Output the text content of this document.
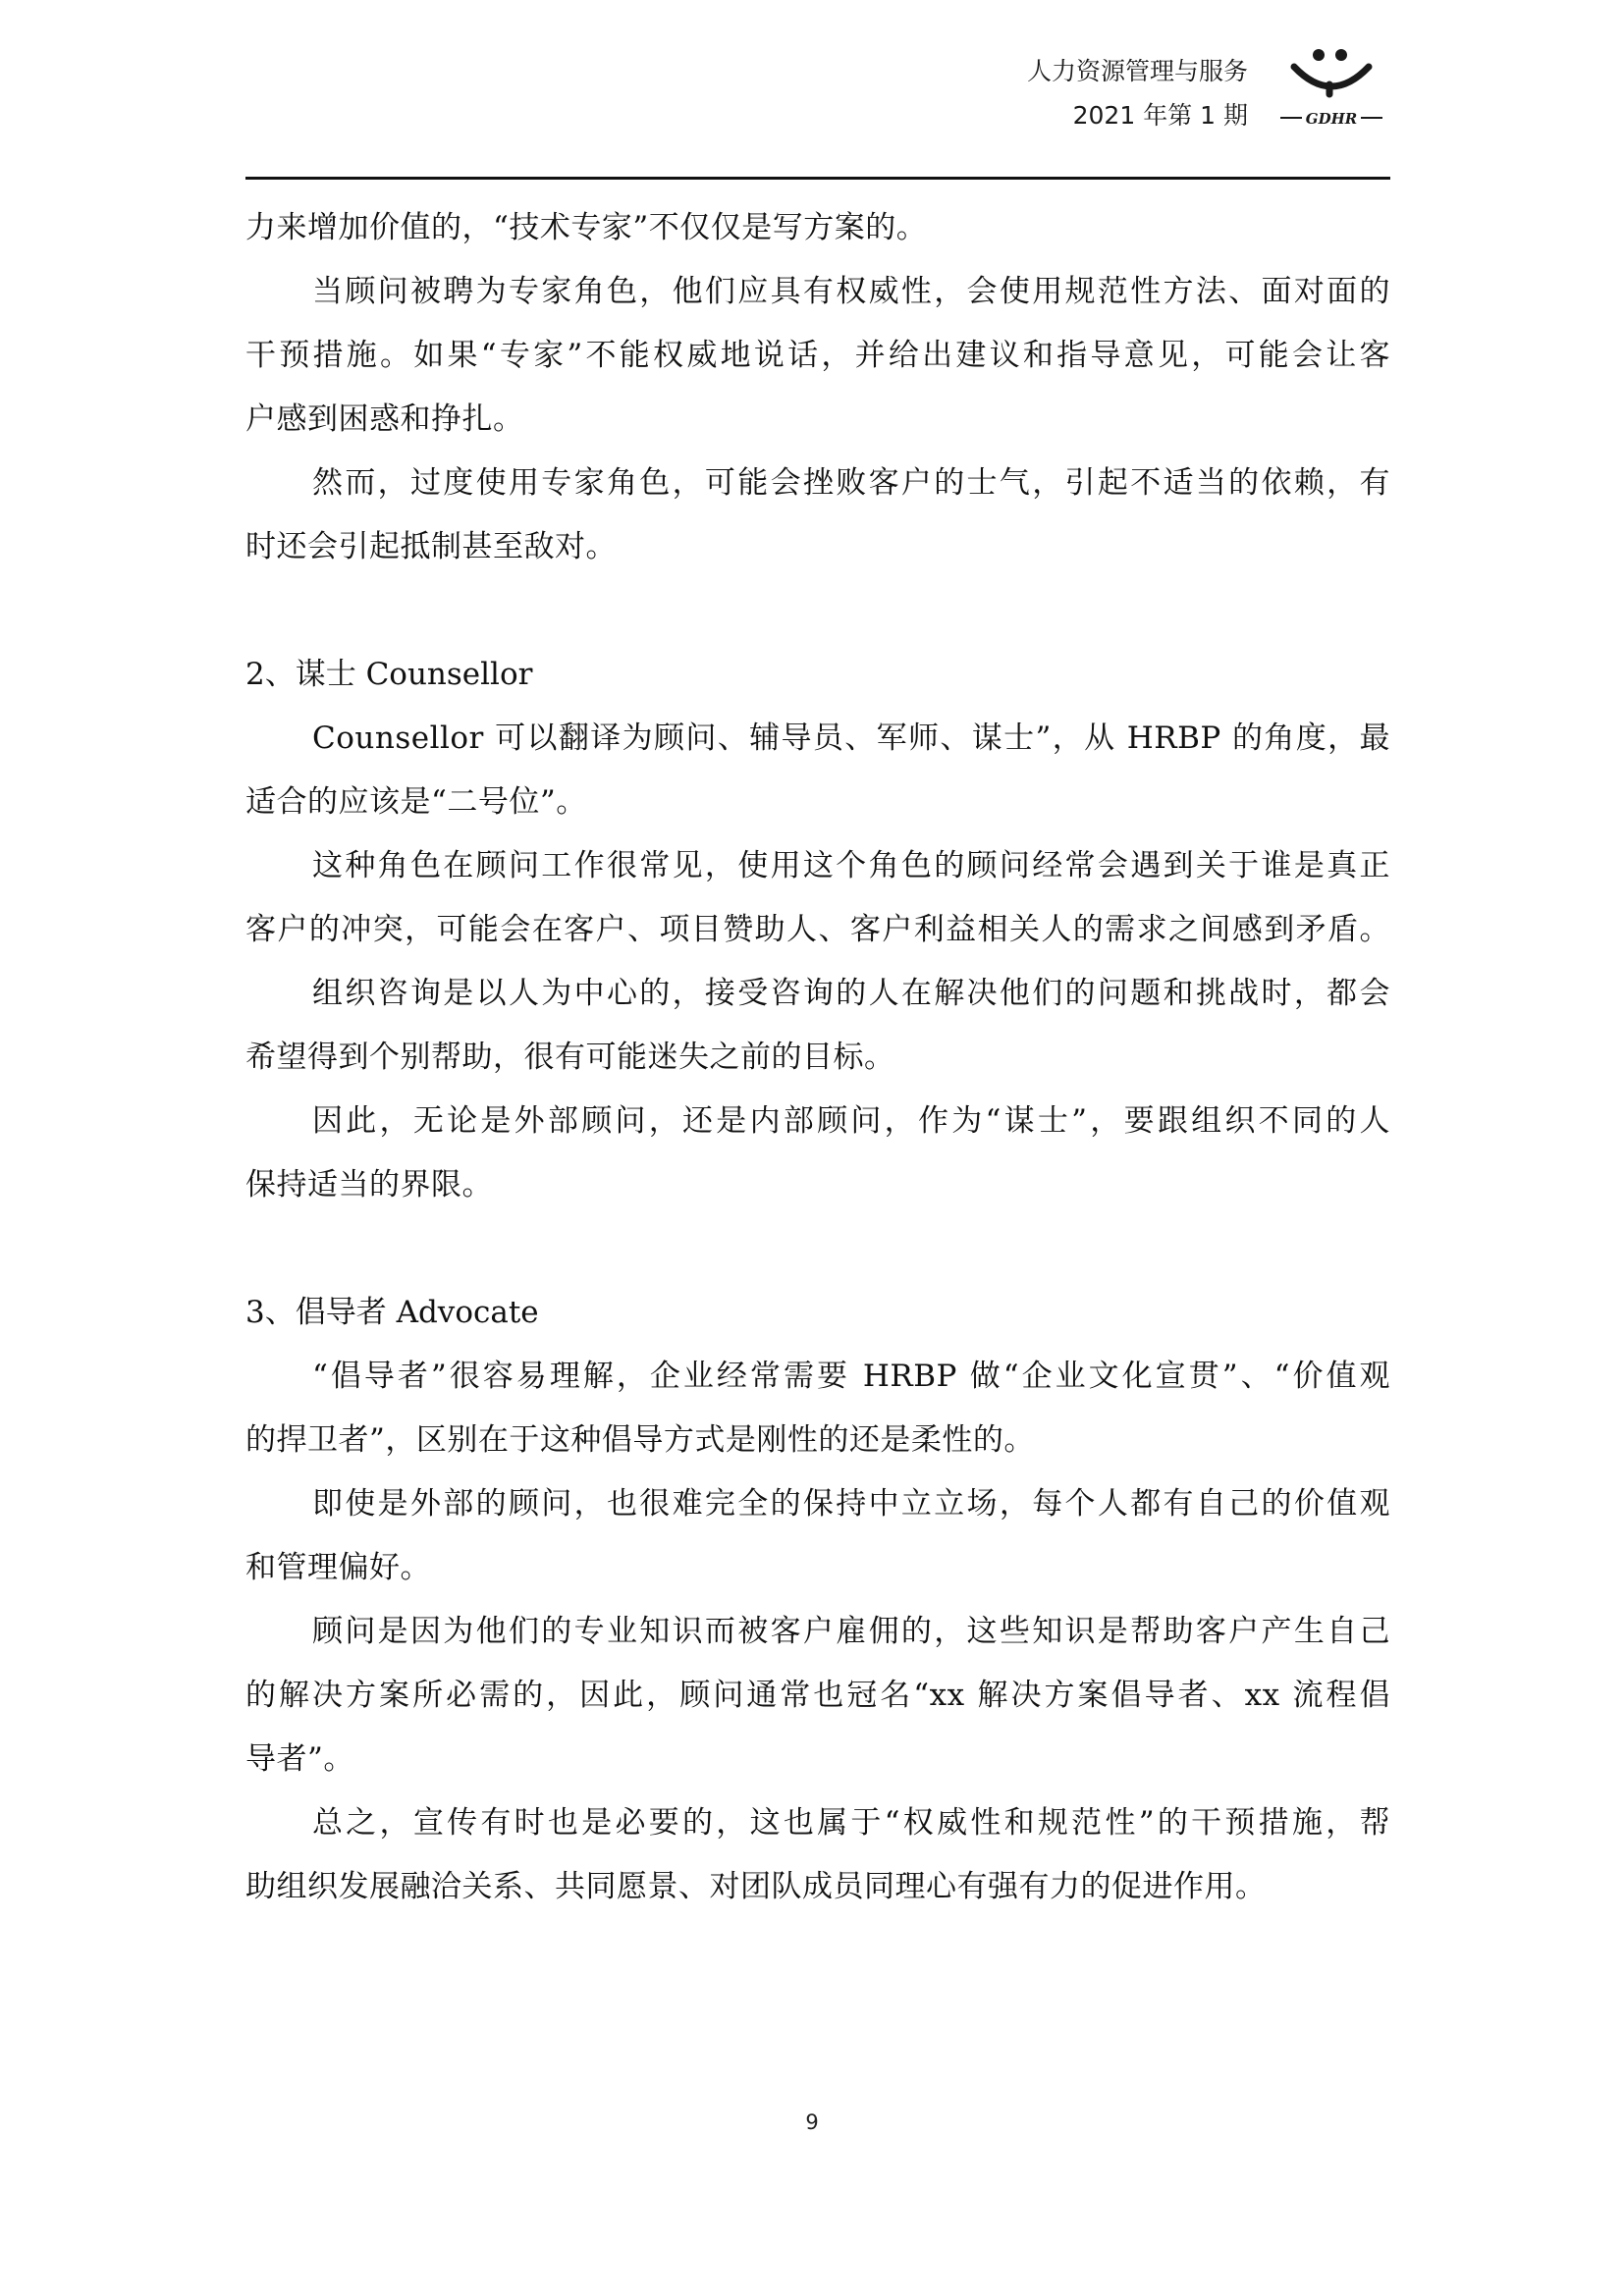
人力资源管理与服务
2021 年第 1 期	GDHR
力来增加价值的，“技术专家”不仅仅是写方案的。
当顾问被聘为专家角色，他们应具有权威性，会使用规范性方法、面对面的
干预措施。如果“专家”不能权威地说话，并给出建议和指导意见，可能会让客
户感到困惑和挣扎。
然而，过度使用专家角色，可能会挫败客户的士气，引起不适当的依赖，有
时还会引起抵制甚至敌对。
2、谋士 Counsellor
Counsellor 可以翻译为顾问、辅导员、军师、谋士”，从 HRBP 的角度，最
适合的应该是“二号位”。
这种角色在顾问工作很常见，使用这个角色的顾问经常会遇到关于谁是真正
客户的冲突，可能会在客户、项目赞助人、客户利益相关人的需求之间感到矛盾。
组织咨询是以人为中心的，接受咨询的人在解决他们的问题和挑战时，都会
希望得到个别帮助，很有可能迷失之前的目标。
因此，无论是外部顾问，还是内部顾问，作为“谋士”，要跟组织不同的人
保持适当的界限。
3、倡导者 Advocate
“倡导者”很容易理解，企业经常需要 HRBP 做“企业文化宣贯”、“价值观
的捍卫者”，区别在于这种倡导方式是刚性的还是柔性的。
即使是外部的顾问，也很难完全的保持中立立场，每个人都有自己的价值观
和管理偏好。
顾问是因为他们的专业知识而被客户雇佣的，这些知识是帮助客户产生自己
的解决方案所必需的，因此，顾问通常也冠名“xx 解决方案倡导者、xx 流程倡
导者”。
总之，宣传有时也是必要的，这也属于“权威性和规范性”的干预措施，帮
助组织发展融洽关系、共同愿景、对团队成员同理心有强有力的促进作用。
9
